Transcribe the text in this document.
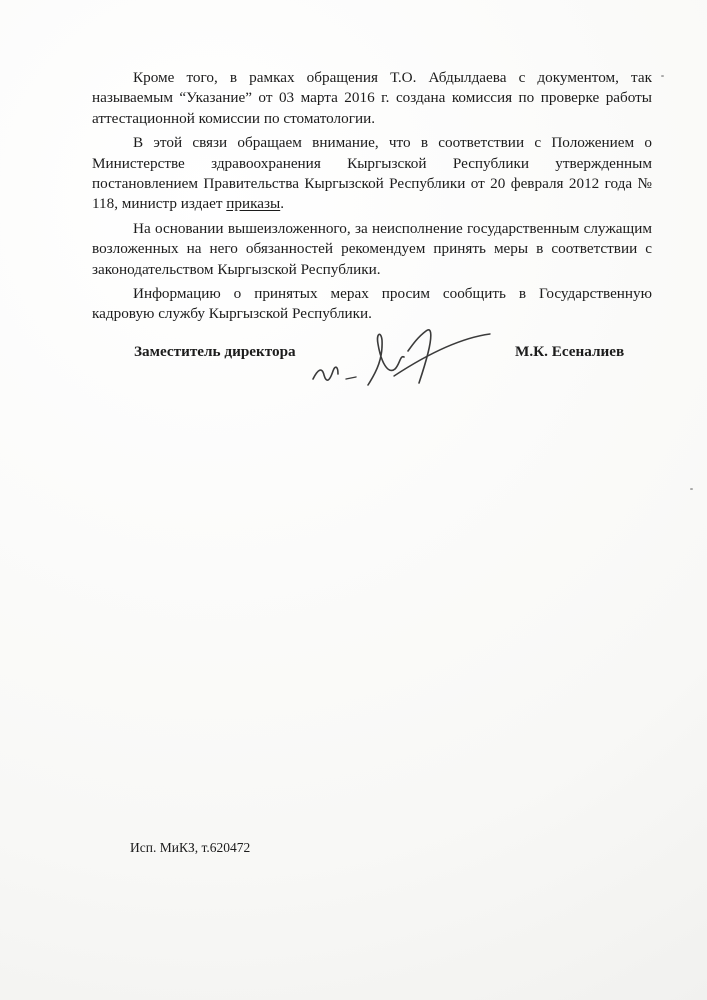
Кроме того, в рамках обращения Т.О. Абдылдаева с документом, так называемым “Указание” от 03 марта 2016 г. создана комиссия по проверке работы аттестационной комиссии по стоматологии.

В этой связи обращаем внимание, что в соответствии с Положением о Министерстве здравоохранения Кыргызской Республики утвержденным постановлением Правительства Кыргызской Республики от 20 февраля 2012 года № 118, министр издает приказы.

На основании вышеизложенного, за неисполнение государственным служащим возложенных на него обязанностей рекомендуем принять меры в соответствии с законодательством Кыргызской Республики.

Информацию о принятых мерах просим сообщить в Государственную кадровую службу Кыргызской Республики.

Заместитель директора	М.К. Есеналиев
Исп. МиКЗ, т.620472
